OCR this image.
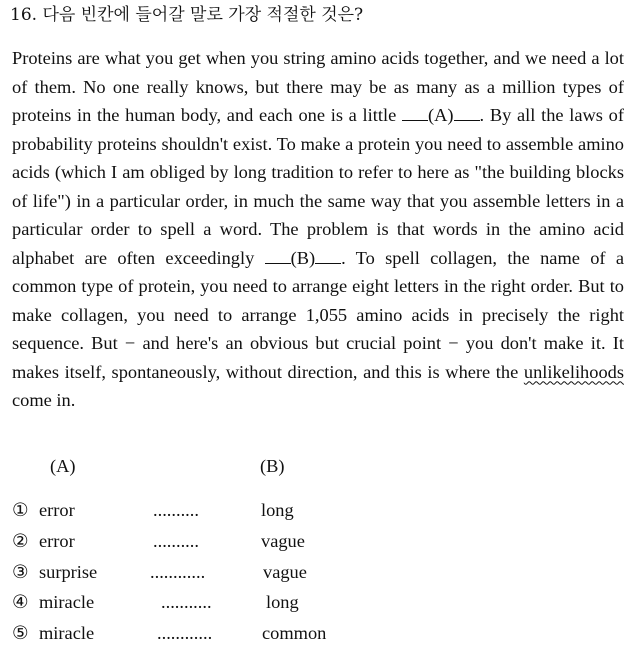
16. 다음 빈칸에 들어갈 말로 가장 적절한 것은?
Proteins are what you get when you string amino acids together, and we need a lot of them. No one really knows, but there may be as many as a million types of proteins in the human body, and each one is a little (A) . By all the laws of probability proteins shouldn't exist. To make a protein you need to assemble amino acids (which I am obliged by long tradition to refer to here as "the building blocks of life") in a particular order, in much the same way that you assemble letters in a particular order to spell a word. The problem is that words in the amino acid alphabet are often exceedingly (B) . To spell collagen, the name of a common type of protein, you need to arrange eight letters in the right order. But to make collagen, you need to arrange 1,055 amino acids in precisely the right sequence. But − and here's an obvious but crucial point − you don't make it. It makes itself, spontaneously, without direction, and this is where the unlikelihoods come in.
(A)	(B)
① error	..........	long
② error	..........	vague
③ surprise	............	vague
④ miracle	...........	long
⑤ miracle	............	common
